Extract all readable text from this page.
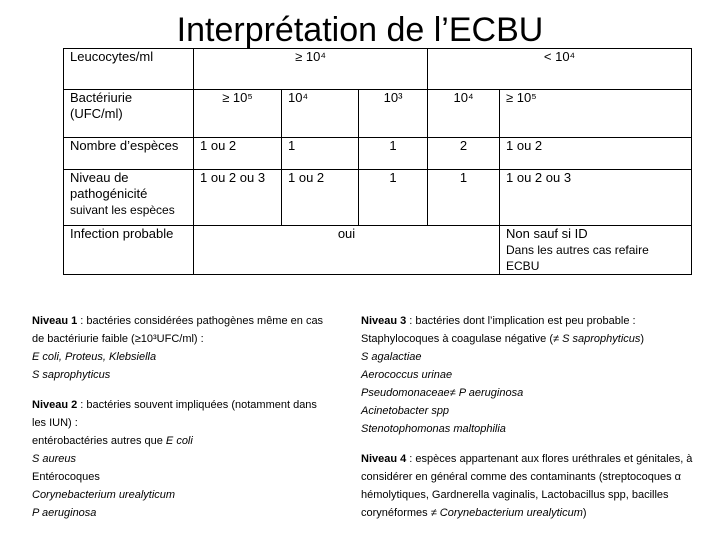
Interprétation de l’ECBU
Leucocytes/ml	≥ 10⁴			< 10⁴	
Bactériurie (UFC/ml)	≥ 10⁵	10⁴	10³	10⁴	≥ 10⁵
Nombre d’espèces	1 ou 2	1	1	2	1 ou 2
Niveau de pathogénicité
suivant les espèces	1 ou 2 ou 3	1 ou 2	1	1	1 ou 2 ou 3
Infection probable	oui				Non sauf si ID
Dans les autres cas refaire ECBU

Niveau 1 : bactéries considérées pathogènes même en cas de bactériurie faible (≥10³UFC/ml) :
E coli, Proteus, Klebsiella
S saprophyticus

Niveau 2 : bactéries souvent impliquées (notamment dans les IUN) :
entérobactéries autres que E coli
S aureus
Entérocoques
Corynebacterium urealyticum
P aeruginosa

Niveau 3 : bactéries dont l’implication est peu probable :
Staphylocoques à coagulase négative (≠ S saprophyticus)
S agalactiae
Aerococcus urinae
Pseudomonaceae≠ P aeruginosa
Acinetobacter spp
Stenotophomonas maltophilia

Niveau 4 : espèces appartenant aux flores uréthrales et génitales, à considérer en général comme des contaminants (streptocoques α hémolytiques, Gardnerella vaginalis, Lactobacillus spp, bacilles corynéformes ≠ Corynebacterium urealyticum)
